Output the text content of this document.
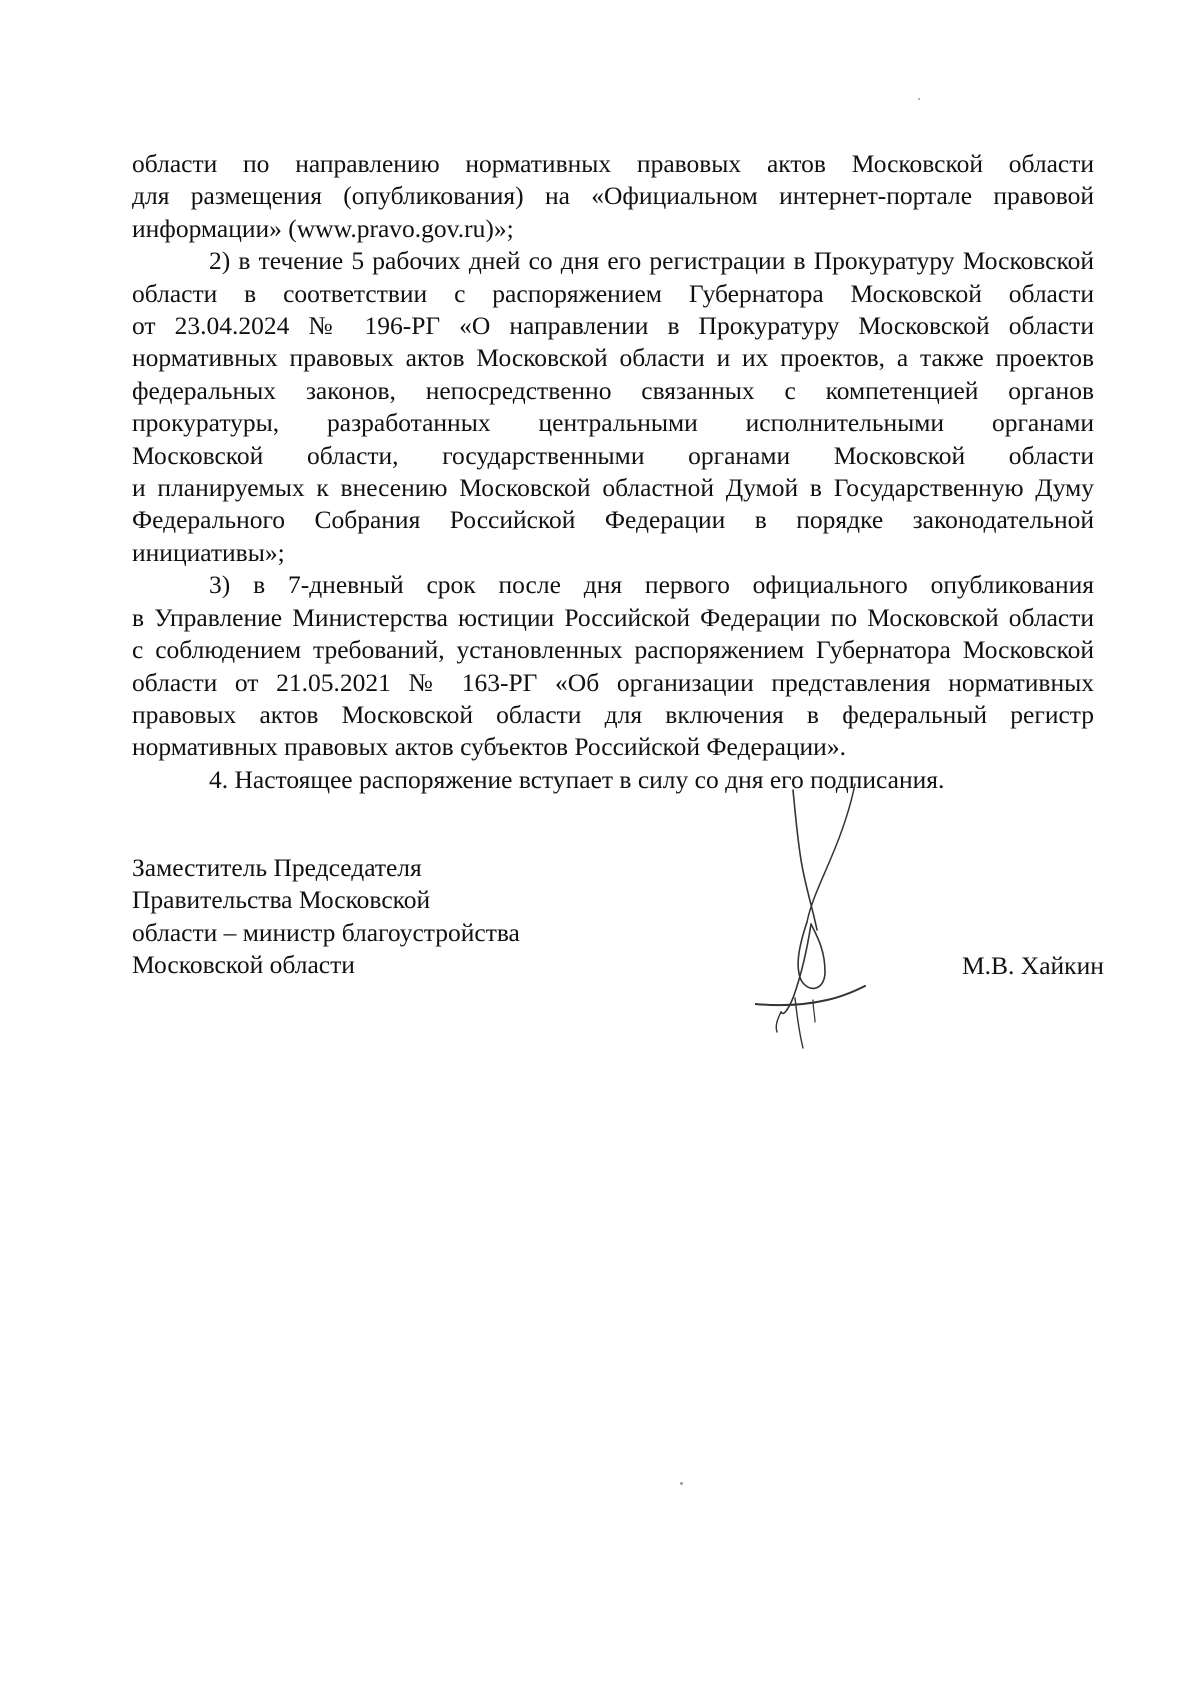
области по направлению нормативных правовых актов Московской области
для размещения (опубликования) на «Официальном интернет-портале правовой
информации» (www.pravo.gov.ru)»;
2) в течение 5 рабочих дней со дня его регистрации в Прокуратуру Московской
области в соответствии с распоряжением Губернатора Московской области
от 23.04.2024 № 196-РГ «О направлении в Прокуратуру Московской области
нормативных правовых актов Московской области и их проектов, а также проектов
федеральных законов, непосредственно связанных с компетенцией органов
прокуратуры, разработанных центральными исполнительными органами
Московской области, государственными органами Московской области
и планируемых к внесению Московской областной Думой в Государственную Думу
Федерального Собрания Российской Федерации в порядке законодательной
инициативы»;
3) в 7-дневный срок после дня первого официального опубликования
в Управление Министерства юстиции Российской Федерации по Московской области
с соблюдением требований, установленных распоряжением Губернатора Московской
области от 21.05.2021 № 163-РГ «Об организации представления нормативных
правовых актов Московской области для включения в федеральный регистр
нормативных правовых актов субъектов Российской Федерации».
4. Настоящее распоряжение вступает в силу со дня его подписания.
Заместитель Председателя
Правительства Московской
области – министр благоустройства
Московской области	М.В. Хайкин
